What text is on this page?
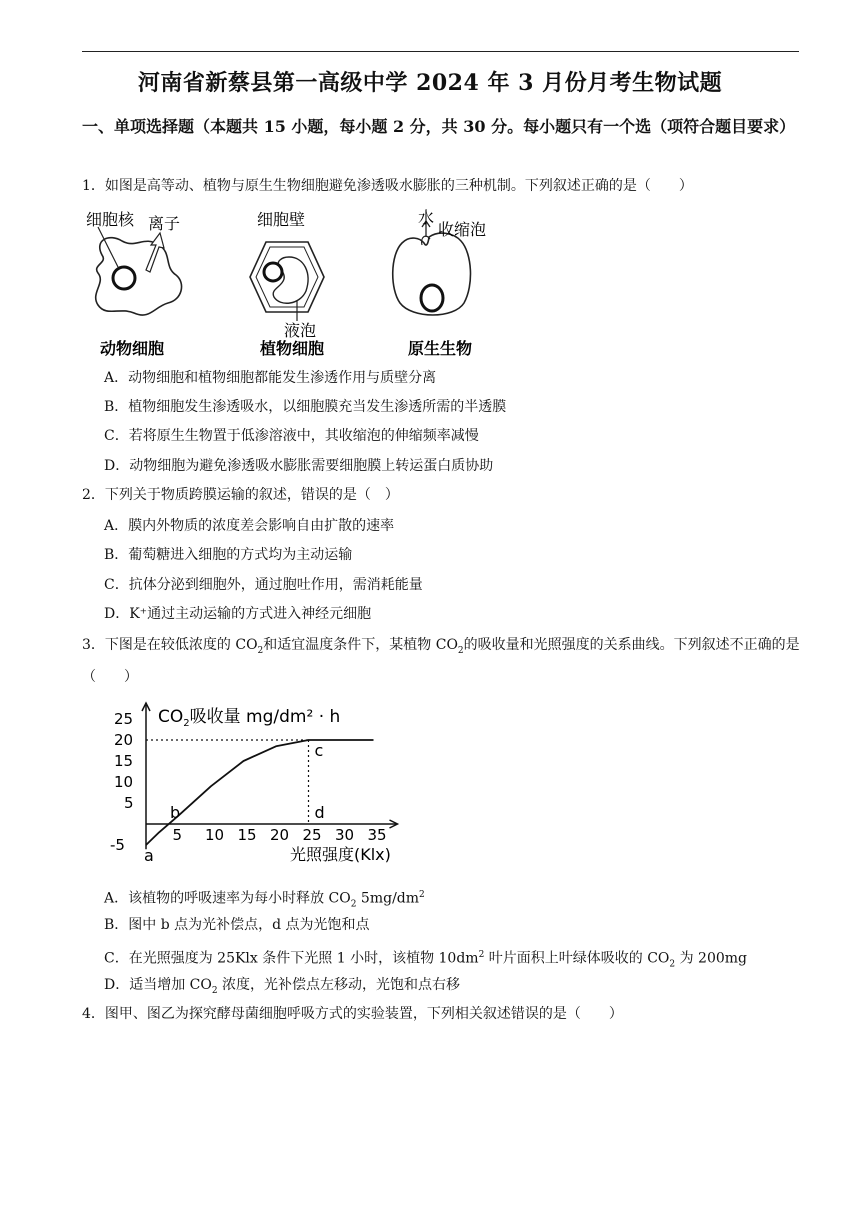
河南省新蔡县第一高级中学 2024 年 3 月份月考生物试题
一、单项选择题（本题共 15 小题，每小题 2 分，共 30 分。每小题只有一个选（项符合题目要求）
1．如图是高等动、植物与原生生物细胞避免渗透吸水膨胀的三种机制。下列叙述正确的是（　　）
细胞核 离子
动物细胞
细胞壁
液泡
植物细胞
水
收缩泡
原生生物
A．动物细胞和植物细胞都能发生渗透作用与质壁分离
B．植物细胞发生渗透吸水，以细胞膜充当发生渗透所需的半透膜
C．若将原生生物置于低渗溶液中，其收缩泡的伸缩频率减慢
D．动物细胞为避免渗透吸水膨胀需要细胞膜上转运蛋白质协助
2．下列关于物质跨膜运输的叙述，错误的是（　）
A．膜内外物质的浓度差会影响自由扩散的速率
B．葡萄糖进入细胞的方式均为主动运输
C．抗体分泌到细胞外，通过胞吐作用，需消耗能量
D．K⁺通过主动运输的方式进入神经元细胞
3．下图是在较低浓度的 $CO_2$和适宜温度条件下，某植物 $CO_2$的吸收量和光照强度的关系曲线。下列叙述不正确的是（　　）
$CO_2$吸收量 mg/dm² · h
光照强度(Klx)
5 10 15 20 25 30 35
25
20
15
10
5
-5
a
b
c
d
A．该植物的呼吸速率为每小时释放 $CO_2$ $5mg/dm^2$
B．图中 b 点为光补偿点，d 点为光饱和点
C．在光照强度为 25Klx 条件下光照 1 小时，该植物 $10dm^2$ 叶片面积上叶绿体吸收的 $CO_2$ 为 200mg
D．适当增加 $CO_2$ 浓度，光补偿点左移动，光饱和点右移
4．图甲、图乙为探究酵母菌细胞呼吸方式的实验装置，下列相关叙述错误的是（　　）
